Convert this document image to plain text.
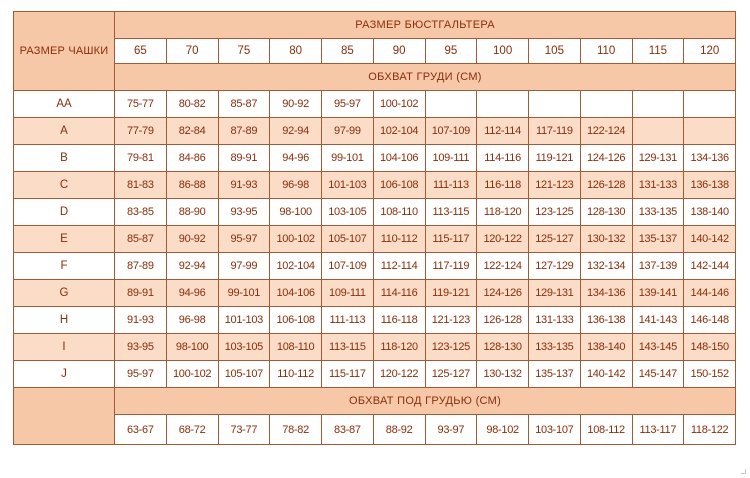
РАЗМЕР ЧАШКИ	РАЗМЕР БЮСТГАЛЬТЕРА											
	65	70	75	80	85	90	95	100	105	110	115	120
	ОБХВАТ ГРУДИ (СМ)											
AA	75-77	80-82	85-87	90-92	95-97	100-102						
A	77-79	82-84	87-89	92-94	97-99	102-104	107-109	112-114	117-119	122-124		
B	79-81	84-86	89-91	94-96	99-101	104-106	109-111	114-116	119-121	124-126	129-131	134-136
C	81-83	86-88	91-93	96-98	101-103	106-108	111-113	116-118	121-123	126-128	131-133	136-138
D	83-85	88-90	93-95	98-100	103-105	108-110	113-115	118-120	123-125	128-130	133-135	138-140
E	85-87	90-92	95-97	100-102	105-107	110-112	115-117	120-122	125-127	130-132	135-137	140-142
F	87-89	92-94	97-99	102-104	107-109	112-114	117-119	122-124	127-129	132-134	137-139	142-144
G	89-91	94-96	99-101	104-106	109-111	114-116	119-121	124-126	129-131	134-136	139-141	144-146
H	91-93	96-98	101-103	106-108	111-113	116-118	121-123	126-128	131-133	136-138	141-143	146-148
I	93-95	98-100	103-105	108-110	113-115	118-120	123-125	128-130	133-135	138-140	143-145	148-150
J	95-97	100-102	105-107	110-112	115-117	120-122	125-127	130-132	135-137	140-142	145-147	150-152
	ОБХВАТ ПОД ГРУДЬЮ (СМ)											
	63-67	68-72	73-77	78-82	83-87	88-92	93-97	98-102	103-107	108-112	113-117	118-122
